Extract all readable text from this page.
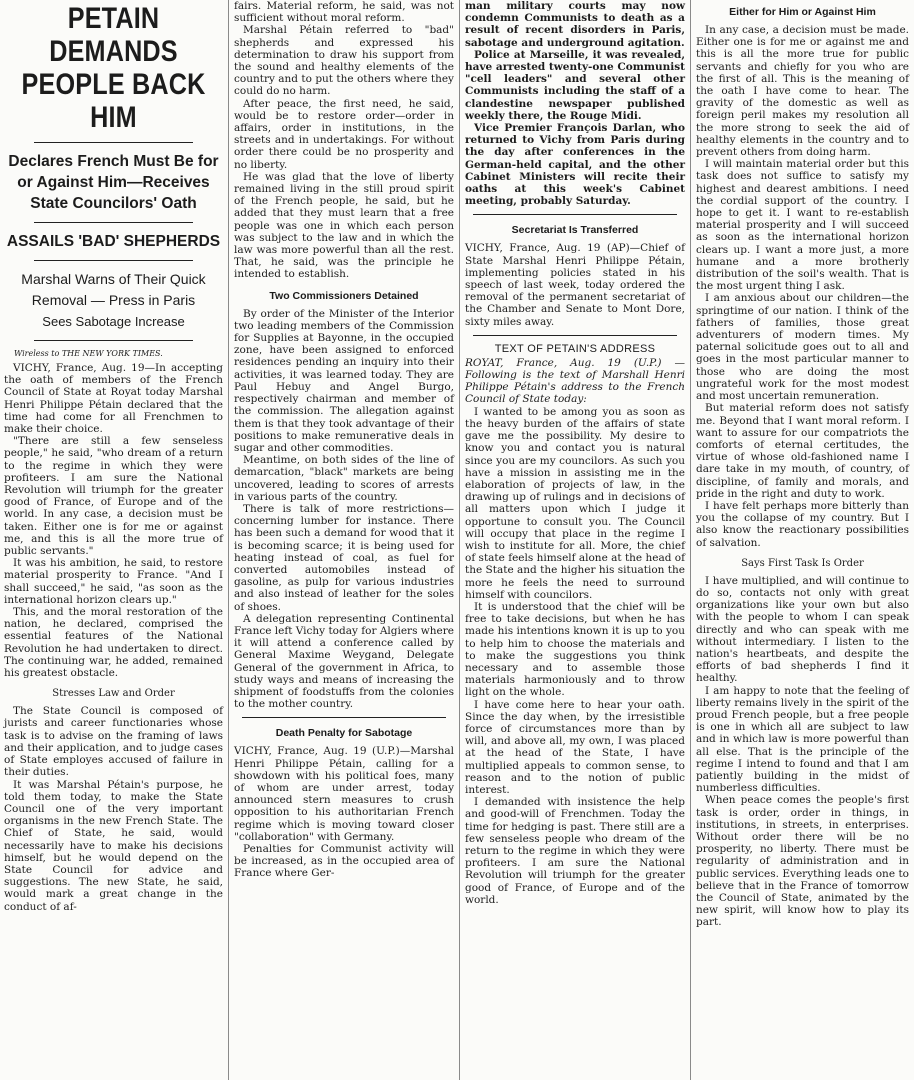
PETAIN DEMANDS PEOPLE BACK HIM
Declares French Must Be for or Against Him—Receives State Councilors' Oath
ASSAILS 'BAD' SHEPHERDS
Marshal Warns of Their Quick Removal — Press in Paris
Sees Sabotage Increase
Wireless to THE NEW YORK TIMES.

VICHY, France, Aug. 19—In accepting the oath of members of the French Council of State at Royat today Marshal Henri Philippe Pétain declared that the time had come for all Frenchmen to make their choice.

"There are still a few senseless people," he said, "who dream of a return to the regime in which they were profiteers. I am sure the National Revolution will triumph for the greater good of France, of Europe and of the world. In any case, a decision must be taken. Either one is for me or against me, and this is all the more true of public servants."

It was his ambition, he said, to restore material prosperity to France. "And I shall succeed," he said, "as soon as the international horizon clears up."

This, and the moral restoration of the nation, he declared, comprised the essential features of the National Revolution he had undertaken to direct. The continuing war, he added, remained his greatest obstacle.

Stresses Law and Order

The State Council is composed of jurists and career functionaries whose task is to advise on the framing of laws and their application, and to judge cases of State employes accused of failure in their duties.

It was Marshal Pétain's purpose, he told them today, to make the State Council one of the very important organisms in the new French State. The Chief of State, he said, would necessarily have to make his decisions himself, but he would depend on the State Council for advice and suggestions. The new State, he said, would mark a great change in the conduct of af-

fairs. Material reform, he said, was not sufficient without moral reform.

Marshal Pétain referred to "bad" shepherds and expressed his determination to draw his support from the sound and healthy elements of the country and to put the others where they could do no harm.

After peace, the first need, he said, would be to restore order—order in affairs, order in institutions, in the streets and in undertakings. For without order there could be no prosperity and no liberty.

He was glad that the love of liberty remained living in the still proud spirit of the French people, he said, but he added that they must learn that a free people was one in which each person was subject to the law and in which the law was more powerful than all the rest. That, he said, was the principle he intended to establish.

Two Commissioners Detained

By order of the Minister of the Interior two leading members of the Commission for Supplies at Bayonne, in the occupied zone, have been assigned to enforced residences pending an inquiry into their activities, it was learned today. They are Paul Hebuy and Angel Burgo, respectively chairman and member of the commission. The allegation against them is that they took advantage of their positions to make remunerative deals in sugar and other commodities.

Meantime, on both sides of the line of demarcation, "black" markets are being uncovered, leading to scores of arrests in various parts of the country.

There is talk of more restrictions—concerning lumber for instance. There has been such a demand for wood that it is becoming scarce; it is being used for heating instead of coal, as fuel for converted automobiles instead of gasoline, as pulp for various industries and also instead of leather for the soles of shoes.

A delegation representing Continental France left Vichy today for Algiers where it will attend a conference called by General Maxime Weygand, Delegate General of the government in Africa, to study ways and means of increasing the shipment of foodstuffs from the colonies to the mother country.

Death Penalty for Sabotage

VICHY, France, Aug. 19 (U.P.)—Marshal Henri Philippe Pétain, calling for a showdown with his political foes, many of whom are under arrest, today announced stern measures to crush opposition to his authoritarian French regime which is moving toward closer "collaboration" with Germany.

Penalties for Communist activity will be increased, as in the occupied area of France where Ger-

man military courts may now condemn Communists to death as a result of recent disorders in Paris, sabotage and underground agitation.

Police at Marseille, it was revealed, have arrested twenty-one Communist "cell leaders" and several other Communists including the staff of a clandestine newspaper published weekly there, the Rouge Midi.

Vice Premier François Darlan, who returned to Vichy from Paris during the day after conferences in the German-held capital, and the other Cabinet Ministers will recite their oaths at this week's Cabinet meeting, probably Saturday.

Secretariat Is Transferred

VICHY, France, Aug. 19 (AP)—Chief of State Marshal Henri Philippe Pétain, implementing policies stated in his speech of last week, today ordered the removal of the permanent secretariat of the Chamber and Senate to Mont Dore, sixty miles away.

TEXT OF PETAIN'S ADDRESS

ROYAT, France, Aug. 19 (U.P.) —Following is the text of Marshall Henri Philippe Pétain's address to the French Council of State today:

I wanted to be among you as soon as the heavy burden of the affairs of state gave me the possibility. My desire to know you and contact you is natural since you are my councilors. As such you have a mission in assisting me in the elaboration of projects of law, in the drawing up of rulings and in decisions of all matters upon which I judge it opportune to consult you. The Council will occupy that place in the regime I wish to institute for all. More, the chief of state feels himself alone at the head of the State and the higher his situation the more he feels the need to surround himself with councilors.

It is understood that the chief will be free to take decisions, but when he has made his intentions known it is up to you to help him to choose the materials and to make the suggestions you think necessary and to assemble those materials harmoniously and to throw light on the whole.

I have come here to hear your oath. Since the day when, by the irresistible force of circumstances more than by will, and above all, my own, I was placed at the head of the State, I have multiplied appeals to common sense, to reason and to the notion of public interest.

I demanded with insistence the help and good-will of Frenchmen. Today the time for hedging is past. There still are a few senseless people who dream of the return to the regime in which they were profiteers. I am sure the National Revolution will triumph for the greater good of France, of Europe and of the world.

Either for Him or Against Him

In any case, a decision must be made. Either one is for me or against me and this is all the more true for public servants and chiefly for you who are the first of all. This is the meaning of the oath I have come to hear. The gravity of the domestic as well as foreign peril makes my resolution all the more strong to seek the aid of healthy elements in the country and to prevent others from doing harm.

I will maintain material order but this task does not suffice to satisfy my highest and dearest ambitions. I need the cordial support of the country. I hope to get it. I want to re-establish material prosperity and I will succeed as soon as the international horizon clears up. I want a more just, a more humane and a more brotherly distribution of the soil's wealth. That is the most urgent thing I ask.

I am anxious about our children—the springtime of our nation. I think of the fathers of families, those great adventurers of modern times. My paternal solicitude goes out to all and goes in the most particular manner to those who are doing the most ungrateful work for the most modest and most uncertain remuneration.

But material reform does not satisfy me. Beyond that I want moral reform. I want to assure for our compatriots the comforts of eternal certitudes, the virtue of whose old-fashioned name I dare take in my mouth, of country, of discipline, of family and morals, and pride in the right and duty to work.

I have felt perhaps more bitterly than you the collapse of my country. But I also know the reactionary possibilities of salvation.

Says First Task Is Order

I have multiplied, and will continue to do so, contacts not only with great organizations like your own but also with the people to whom I can speak directly and who can speak with me without intermediary. I listen to the nation's heartbeats, and despite the efforts of bad shepherds I find it healthy.

I am happy to note that the feeling of liberty remains lively in the spirit of the proud French people, but a free people is one in which all are subject to law and in which law is more powerful than all else. That is the principle of the regime I intend to found and that I am patiently building in the midst of numberless difficulties.

When peace comes the people's first task is order, order in things, in institutions, in streets, in enterprises. Without order there will be no prosperity, no liberty. There must be regularity of administration and in public services. Everything leads one to believe that in the France of tomorrow the Council of State, animated by the new spirit, will know how to play its part.
